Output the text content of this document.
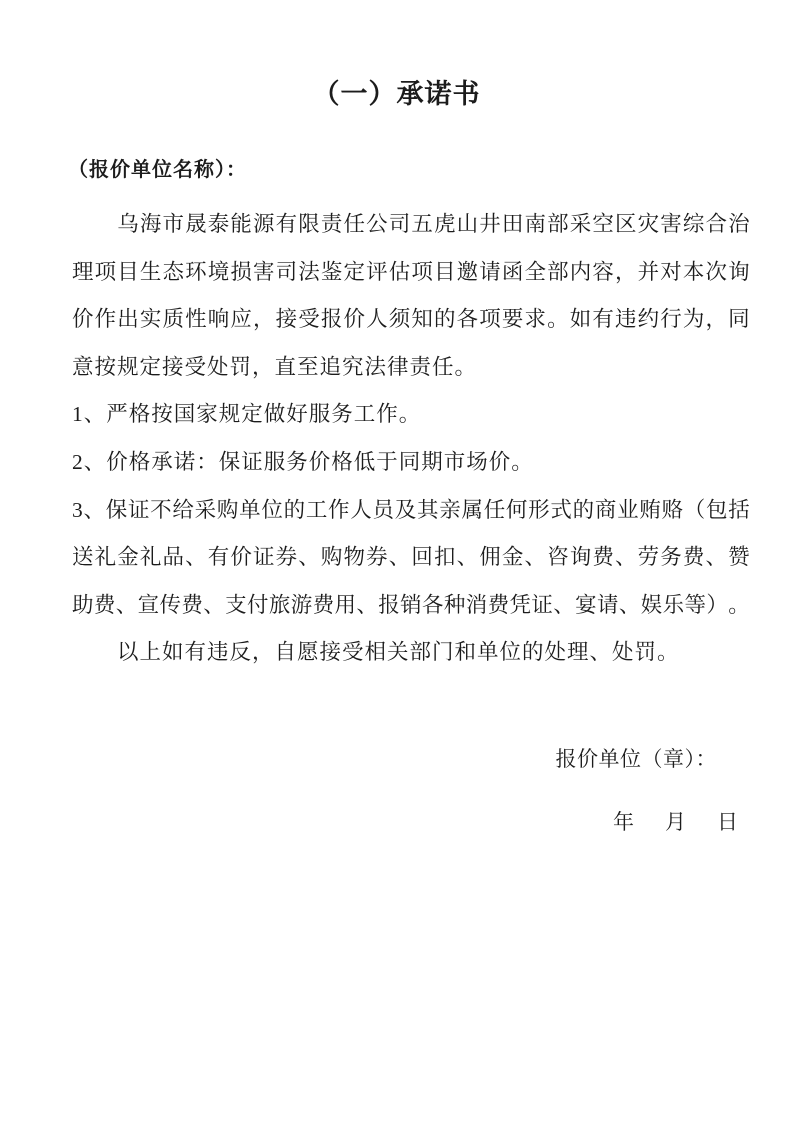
（一）承诺书
（报价单位名称）：

乌 海 市 晟 泰 能 源 有 限 责 任 公 司 五 虎 山 井 田 南 部 采 空 区 灾 害 综 合 治
理 项 目 生 态 环 境 损 害 司 法 鉴 定 评 估 项 目 邀 请 函 全 部 内 容 ， 并 对 本 次 询
价 作 出 实 质 性 响 应 ， 接 受 报 价 人 须 知 的 各 项 要 求 。 如 有 违 约 行 为 ， 同
意按规定接受处罚，直至追究法律责任。
1、严格按国家规定做好服务工作。
2、价格承诺：保证服务价格低于同期市场价。
3 、 保 证 不 给 采 购 单 位 的 工 作 人 员 及 其 亲 属 任 何 形 式 的 商 业 贿 赂 （ 包 括
送 礼 金 礼 品 、 有 价 证 券 、 购 物 券 、 回 扣 、 佣 金 、 咨 询 费 、 劳 务 费 、 赞
助 费 、 宣 传 费 、 支 付 旅 游 费 用 、 报 销 各 种 消 费 凭 证 、 宴 请 、 娱 乐 等 ） 。
　　以上如有违反，自愿接受相关部门和单位的处理、处罚。
报价单位（章）：
年　月　日
